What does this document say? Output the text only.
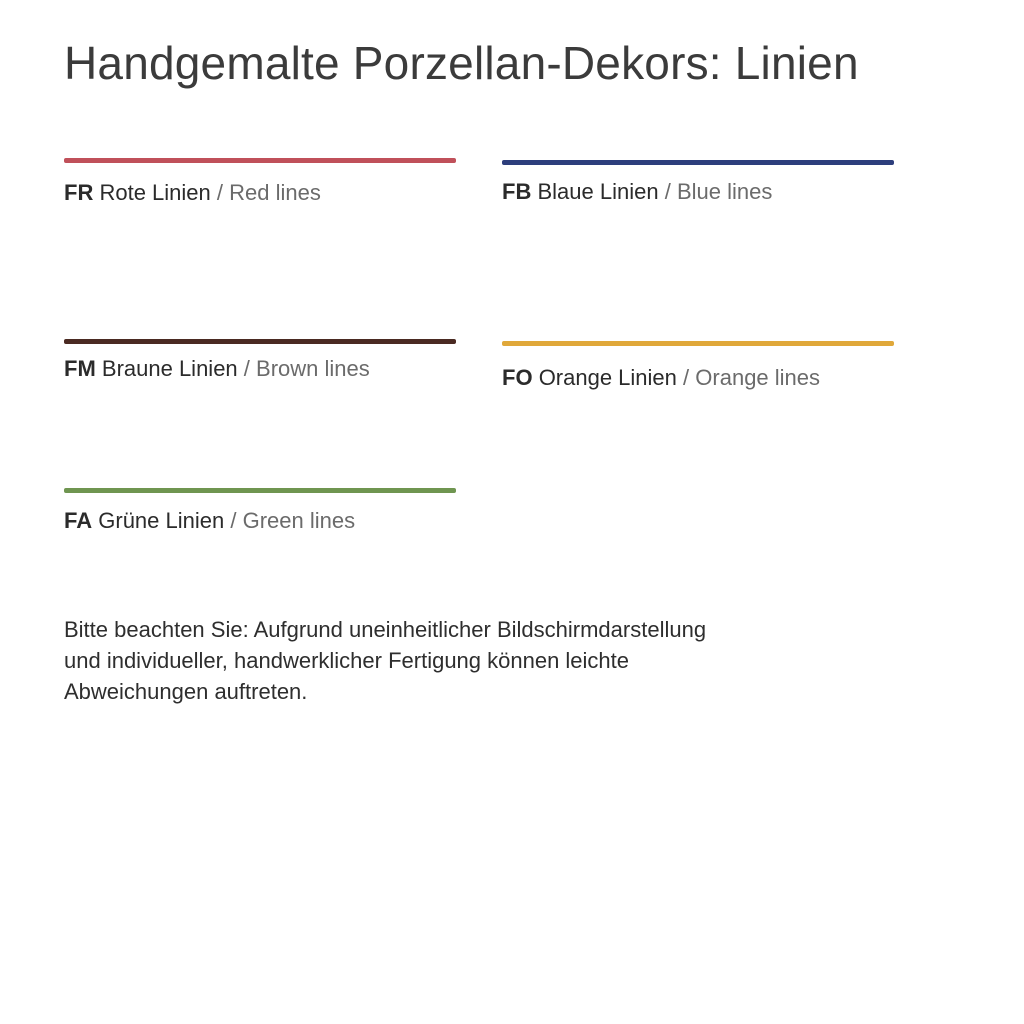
Handgemalte Porzellan-Dekors: Linien
FR Rote Linien / Red lines	FB Blaue Linien / Blue lines
FM Braune Linien / Brown lines	FO Orange Linien / Orange lines
FA Grüne Linien / Green lines

Bitte beachten Sie: Aufgrund uneinheitlicher Bildschirmdarstellung
und individueller, handwerklicher Fertigung können leichte
Abweichungen auftreten.
